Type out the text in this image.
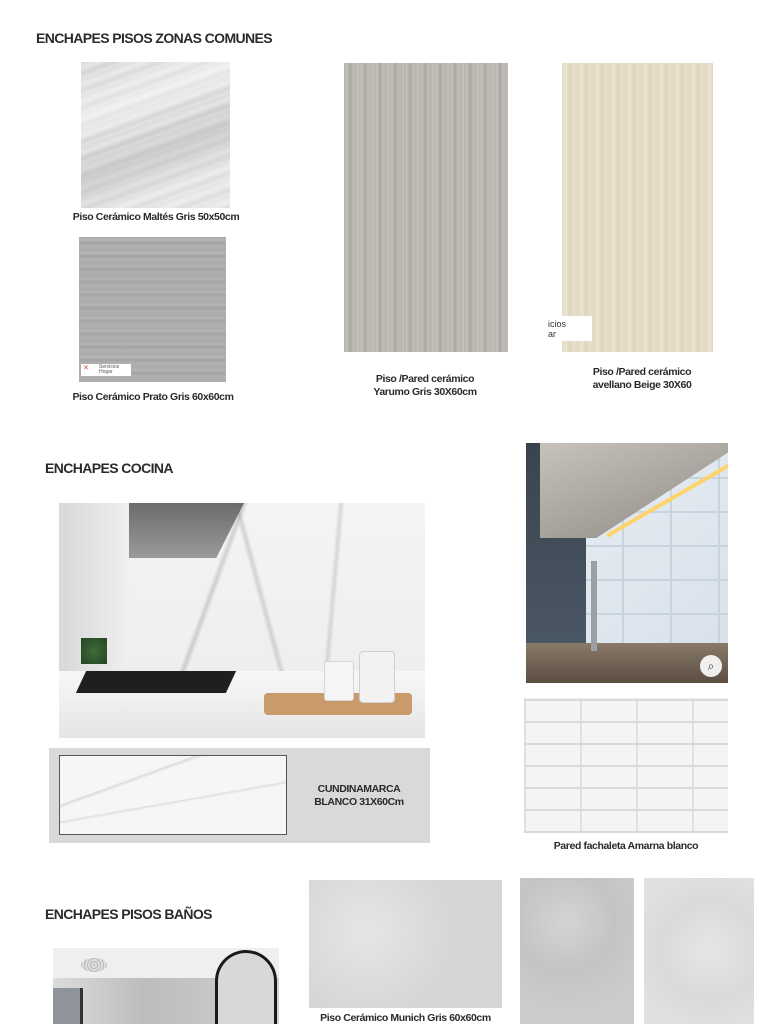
ENCHAPES PISOS ZONAS COMUNES
Piso Cerámico Maltés Gris 50x50cm
✕ Servicios
Hogar
Piso Cerámico Prato Gris 60x60cm
Piso /Pared cerámico
Yarumo Gris 30X60cm
icios
ar
Piso /Pared cerámico
avellano Beige 30X60
ENCHAPES COCINA
CUNDINAMARCA
BLANCO 31X60Cm
⌕
Pared fachaleta Amarna blanco
ENCHAPES PISOS BAÑOS
Piso Cerámico Munich Gris 60x60cm
